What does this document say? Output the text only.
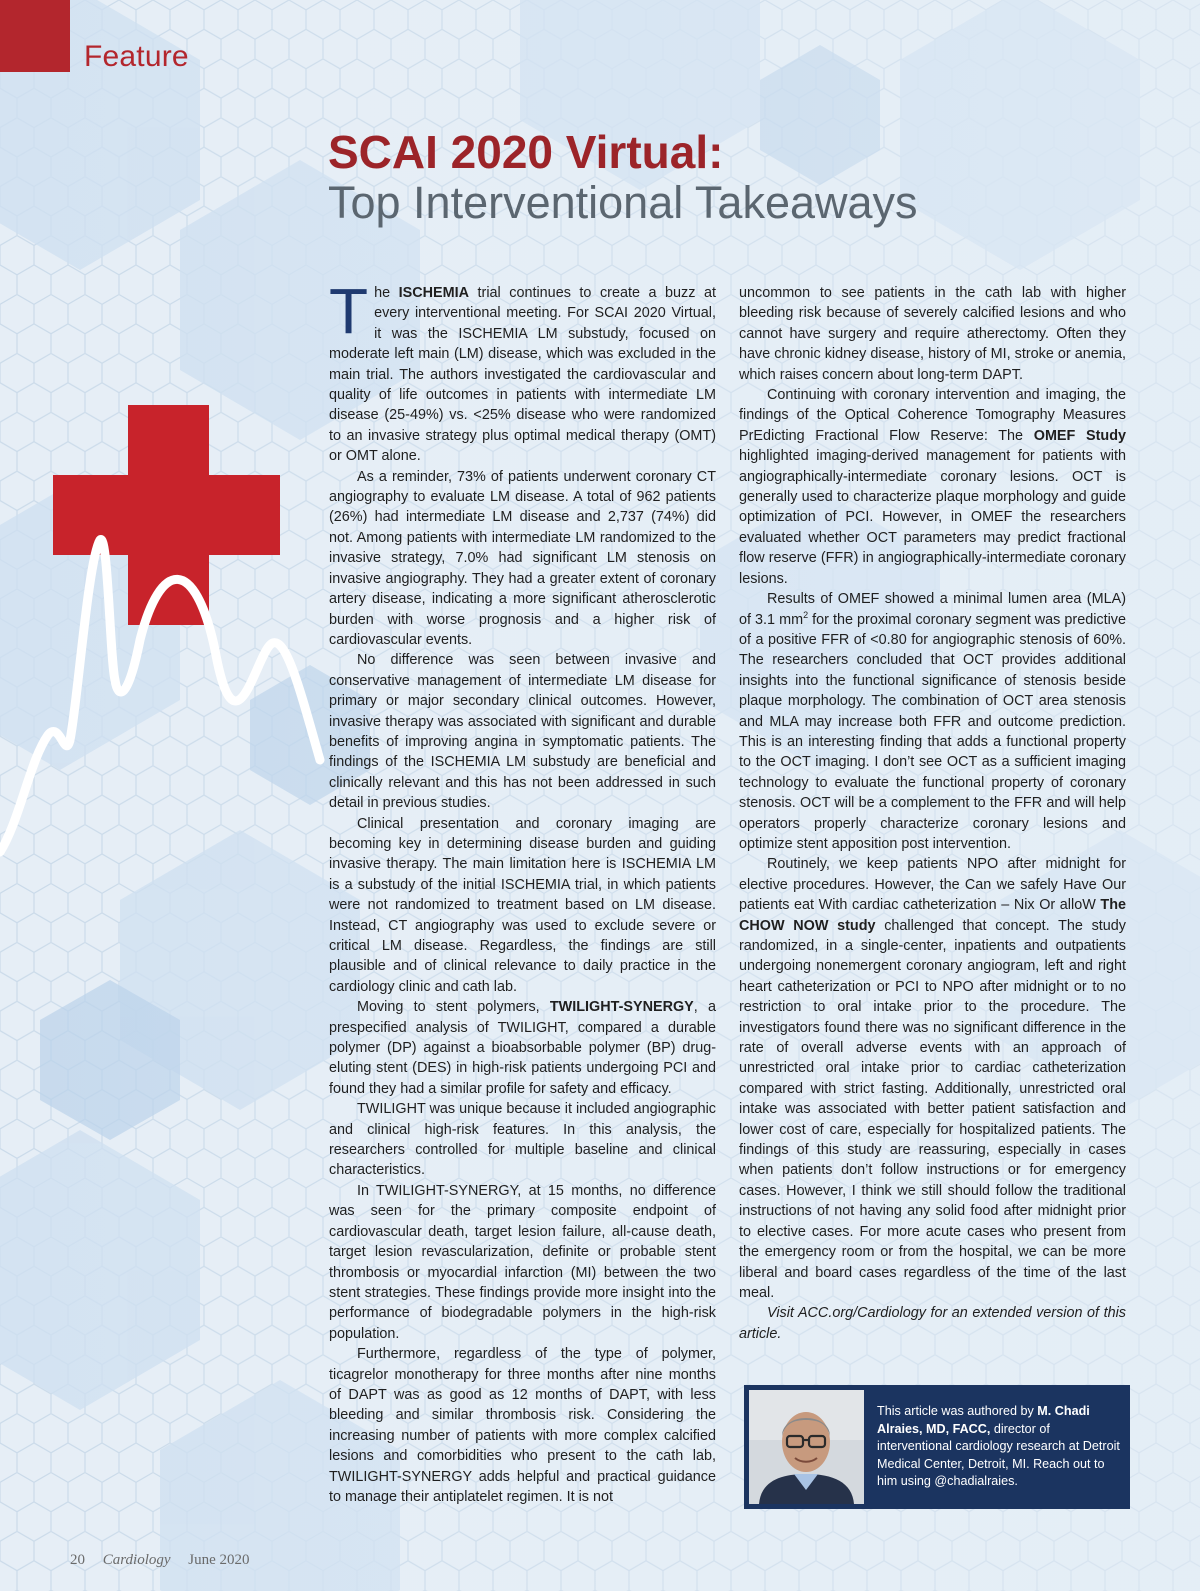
Feature
SCAI 2020 Virtual:
Top Interventional Takeaways

The ISCHEMIA trial continues to create a buzz at every interventional meeting. For SCAI 2020 Virtual, it was the ISCHEMIA LM substudy, focused on moderate left main (LM) disease, which was excluded in the main trial. The authors investigated the cardiovascular and quality of life outcomes in patients with intermediate LM disease (25-49%) vs. <25% disease who were randomized to an invasive strategy plus optimal medical therapy (OMT) or OMT alone.

As a reminder, 73% of patients underwent coronary CT angiography to evaluate LM disease. A total of 962 patients (26%) had intermediate LM disease and 2,737 (74%) did not. Among patients with intermediate LM randomized to the invasive strategy, 7.0% had significant LM stenosis on invasive angiography. They had a greater extent of coronary artery disease, indicating a more significant atherosclerotic burden with worse prognosis and a higher risk of cardiovascular events.

No difference was seen between invasive and conservative management of intermediate LM disease for primary or major secondary clinical outcomes. However, invasive therapy was associated with significant and durable benefits of improving angina in symptomatic patients. The findings of the ISCHEMIA LM substudy are beneficial and clinically relevant and this has not been addressed in such detail in previous studies.

Clinical presentation and coronary imaging are becoming key in determining disease burden and guiding invasive therapy. The main limitation here is ISCHEMIA LM is a substudy of the initial ISCHEMIA trial, in which patients were not randomized to treatment based on LM disease. Instead, CT angiography was used to exclude severe or critical LM disease. Regardless, the findings are still plausible and of clinical relevance to daily practice in the cardiology clinic and cath lab.

Moving to stent polymers, TWILIGHT-SYNERGY, a prespecified analysis of TWILIGHT, compared a durable polymer (DP) against a bioabsorbable polymer (BP) drug-eluting stent (DES) in high-risk patients undergoing PCI and found they had a similar profile for safety and efficacy.

TWILIGHT was unique because it included angiographic and clinical high-risk features. In this analysis, the researchers controlled for multiple baseline and clinical characteristics.

In TWILIGHT-SYNERGY, at 15 months, no difference was seen for the primary composite endpoint of cardiovascular death, target lesion failure, all-cause death, target lesion revascularization, definite or probable stent thrombosis or myocardial infarction (MI) between the two stent strategies. These findings provide more insight into the performance of biodegradable polymers in the high-risk population.

Furthermore, regardless of the type of polymer, ticagrelor monotherapy for three months after nine months of DAPT was as good as 12 months of DAPT, with less bleeding and similar thrombosis risk. Considering the increasing number of patients with more complex calcified lesions and comorbidities who present to the cath lab, TWILIGHT-SYNERGY adds helpful and practical guidance to manage their antiplatelet regimen. It is not

uncommon to see patients in the cath lab with higher bleeding risk because of severely calcified lesions and who cannot have surgery and require atherectomy. Often they have chronic kidney disease, history of MI, stroke or anemia, which raises concern about long-term DAPT.

Continuing with coronary intervention and imaging, the findings of the Optical Coherence Tomography Measures PrEdicting Fractional Flow Reserve: The OMEF Study highlighted imaging-derived management for patients with angiographically-intermediate coronary lesions. OCT is generally used to characterize plaque morphology and guide optimization of PCI. However, in OMEF the researchers evaluated whether OCT parameters may predict fractional flow reserve (FFR) in angiographically-intermediate coronary lesions.

Results of OMEF showed a minimal lumen area (MLA) of 3.1 $mm^2$ for the proximal coronary segment was predictive of a positive FFR of <0.80 for angiographic stenosis of 60%. The researchers concluded that OCT provides additional insights into the functional significance of stenosis beside plaque morphology. The combination of OCT area stenosis and MLA may increase both FFR and outcome prediction. This is an interesting finding that adds a functional property to the OCT imaging. I don’t see OCT as a sufficient imaging technology to evaluate the functional property of coronary stenosis. OCT will be a complement to the FFR and will help operators properly characterize coronary lesions and optimize stent apposition post intervention.

Routinely, we keep patients NPO after midnight for elective procedures. However, the Can we safely Have Our patients eat With cardiac catheterization – Nix Or alloW The CHOW NOW study challenged that concept. The study randomized, in a single-center, inpatients and outpatients undergoing nonemergent coronary angiogram, left and right heart catheterization or PCI to NPO after midnight or to no restriction to oral intake prior to the procedure. The investigators found there was no significant difference in the rate of overall adverse events with an approach of unrestricted oral intake prior to cardiac catheterization compared with strict fasting. Additionally, unrestricted oral intake was associated with better patient satisfaction and lower cost of care, especially for hospitalized patients. The findings of this study are reassuring, especially in cases when patients don’t follow instructions or for emergency cases. However, I think we still should follow the traditional instructions of not having any solid food after midnight prior to elective cases. For more acute cases who present from the emergency room or from the hospital, we can be more liberal and board cases regardless of the time of the last meal.

Visit ACC.org/Cardiology for an extended version of this article.

This article was authored by M. Chadi Alraies, MD, FACC, director of interventional cardiology research at Detroit Medical Center, Detroit, MI. Reach out to him using @chadialraies.
20 Cardiology June 2020
